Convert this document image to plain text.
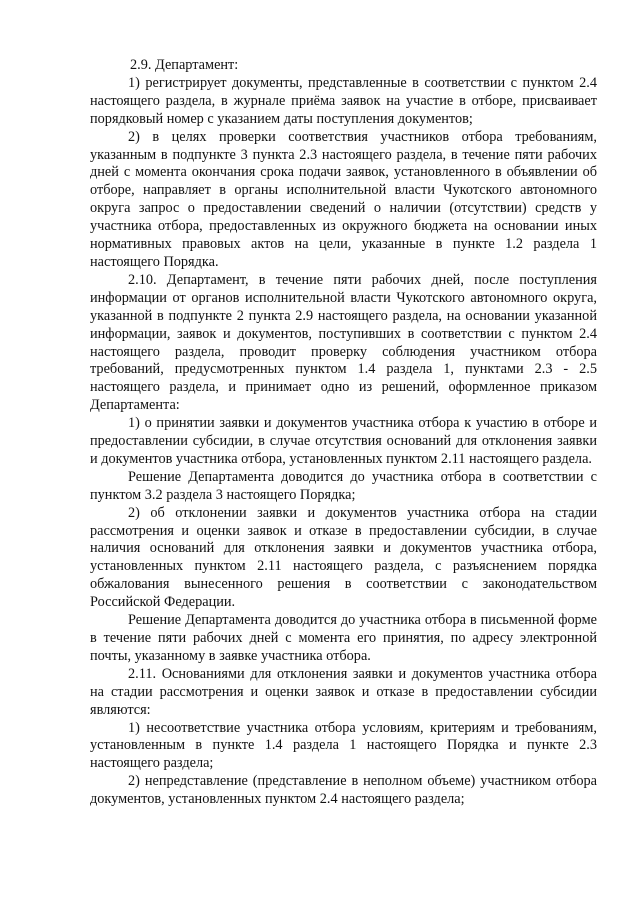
2.9. Департамент:

1) регистрирует документы, представленные в соответствии с пунктом 2.4 настоящего раздела, в журнале приёма заявок на участие в отборе, присваивает порядковый номер с указанием даты поступления документов;

2) в целях проверки соответствия участников отбора требованиям, указанным в подпункте 3 пункта 2.3 настоящего раздела, в течение пяти рабочих дней с момента окончания срока подачи заявок, установленного в объявлении об отборе, направляет в органы исполнительной власти Чукотского автономного округа запрос о предоставлении сведений о наличии (отсутствии) средств у участника отбора, предоставленных из окружного бюджета на основании иных нормативных правовых актов на цели, указанные в пункте 1.2 раздела 1 настоящего Порядка.

2.10. Департамент, в течение пяти рабочих дней, после поступления информации от органов исполнительной власти Чукотского автономного округа, указанной в подпункте 2 пункта 2.9 настоящего раздела, на основании указанной информации, заявок и документов, поступивших в соответствии с пунктом 2.4 настоящего раздела, проводит проверку соблюдения участником отбора требований, предусмотренных пунктом 1.4 раздела 1, пунктами 2.3 - 2.5 настоящего раздела, и принимает одно из решений, оформленное приказом Департамента:

1) о принятии заявки и документов участника отбора к участию в отборе и предоставлении субсидии, в случае отсутствия оснований для отклонения заявки и документов участника отбора, установленных пунктом 2.11 настоящего раздела.

Решение Департамента доводится до участника отбора в соответствии с пунктом 3.2 раздела 3 настоящего Порядка;

2) об отклонении заявки и документов участника отбора на стадии рассмотрения и оценки заявок и отказе в предоставлении субсидии, в случае наличия оснований для отклонения заявки и документов участника отбора, установленных пунктом 2.11 настоящего раздела, с разъяснением порядка обжалования вынесенного решения в соответствии с законодательством Российской Федерации.

Решение Департамента доводится до участника отбора в письменной форме в течение пяти рабочих дней с момента его принятия, по адресу электронной почты, указанному в заявке участника отбора.

2.11. Основаниями для отклонения заявки и документов участника отбора на стадии рассмотрения и оценки заявок и отказе в предоставлении субсидии являются:

1) несоответствие участника отбора условиям, критериям и требованиям, установленным в пункте 1.4 раздела 1 настоящего Порядка и пункте 2.3 настоящего раздела;

2) непредставление (представление в неполном объеме) участником отбора документов, установленных пунктом 2.4 настоящего раздела;
